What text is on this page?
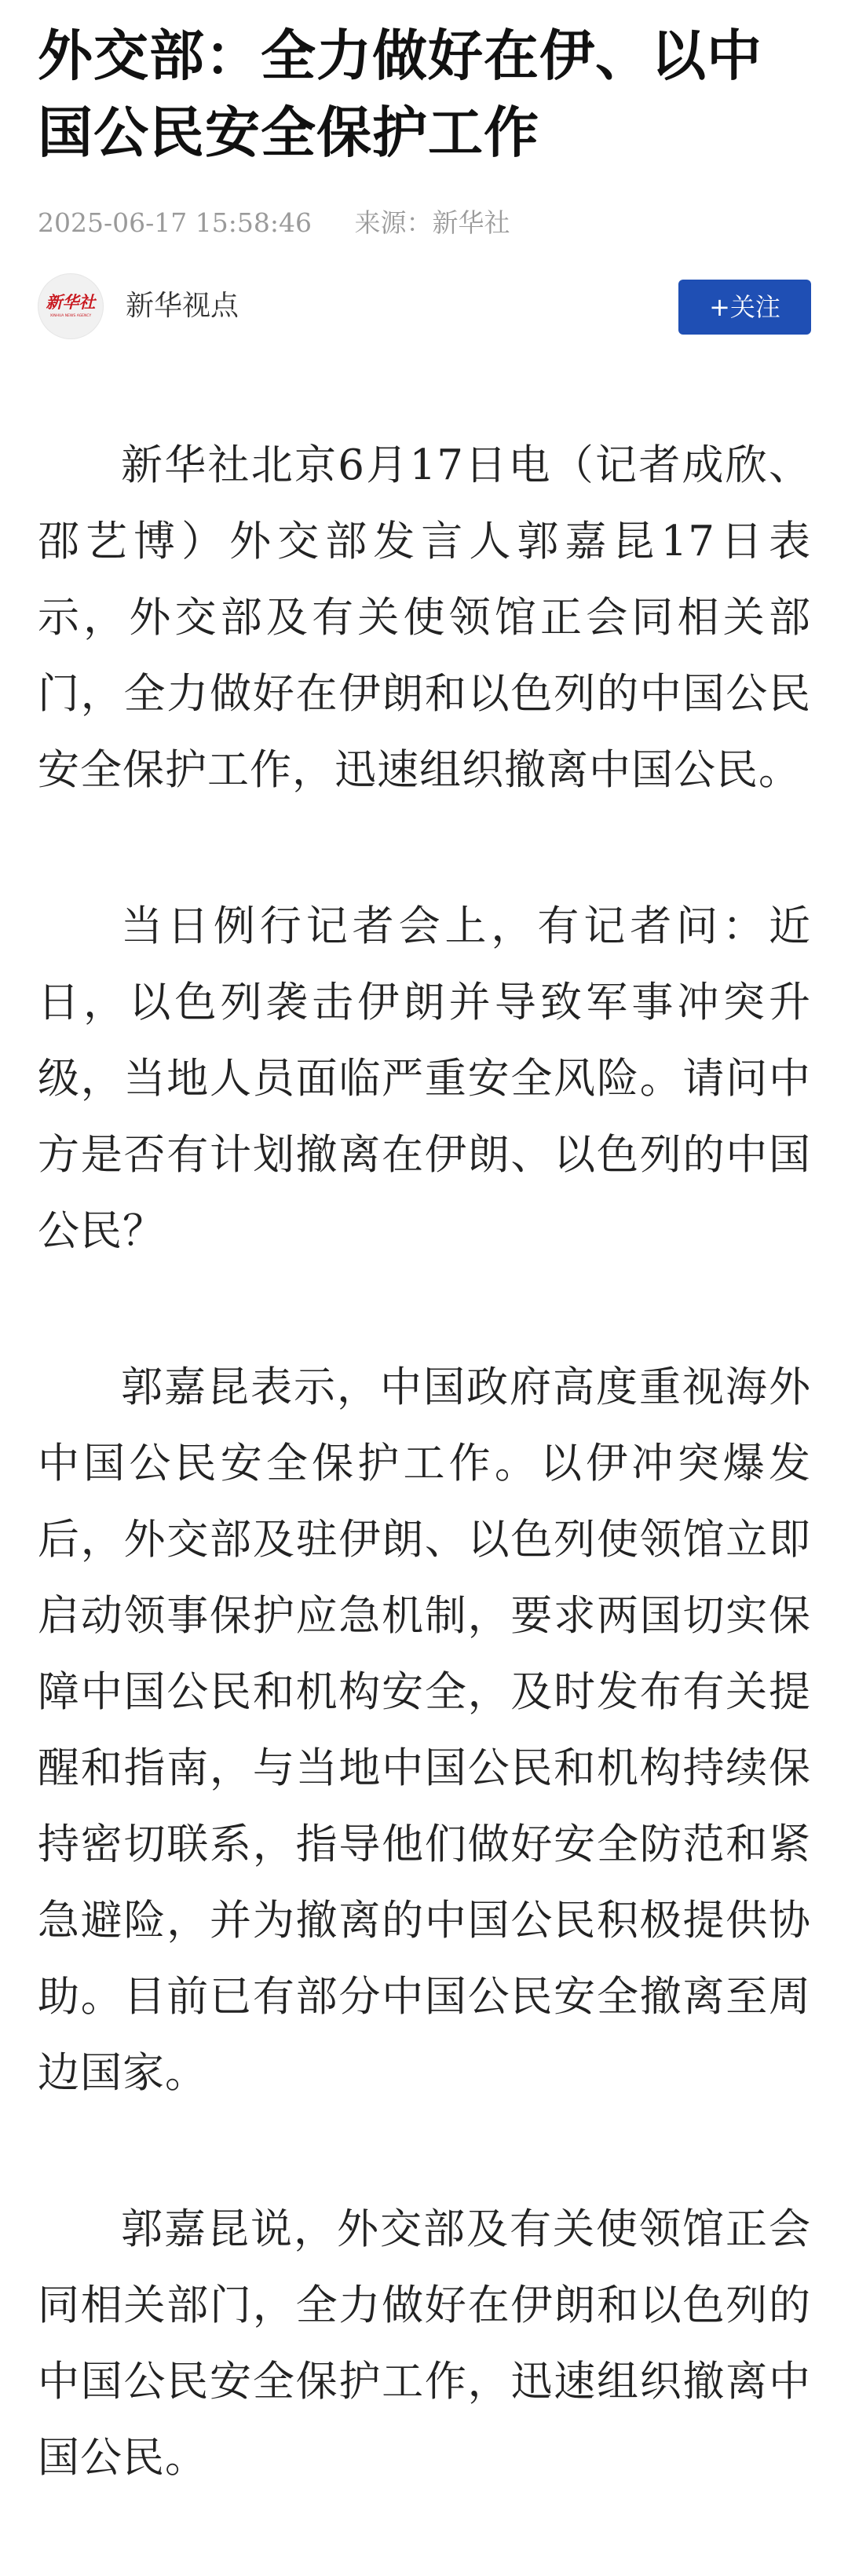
外交部：全力做好在伊、以中国公民安全保护工作
2025-06-17 15:58:46 来源：新华社
新华社
XINHUA NEWS AGENCY 新华视点	+关注

新华社北京6月17日电（记者成欣、邵艺博）外交部发言人郭嘉昆17日表示，外交部及有关使领馆正会同相关部门，全力做好在伊朗和以色列的中国公民安全保护工作，迅速组织撤离中国公民。

当日例行记者会上，有记者问：近日，以色列袭击伊朗并导致军事冲突升级，当地人员面临严重安全风险。请问中方是否有计划撤离在伊朗、以色列的中国公民？

郭嘉昆表示，中国政府高度重视海外中国公民安全保护工作。以伊冲突爆发后，外交部及驻伊朗、以色列使领馆立即启动领事保护应急机制，要求两国切实保障中国公民和机构安全，及时发布有关提醒和指南，与当地中国公民和机构持续保持密切联系，指导他们做好安全防范和紧急避险，并为撤离的中国公民积极提供协助。目前已有部分中国公民安全撤离至周边国家。

郭嘉昆说，外交部及有关使领馆正会同相关部门，全力做好在伊朗和以色列的中国公民安全保护工作，迅速组织撤离中国公民。
